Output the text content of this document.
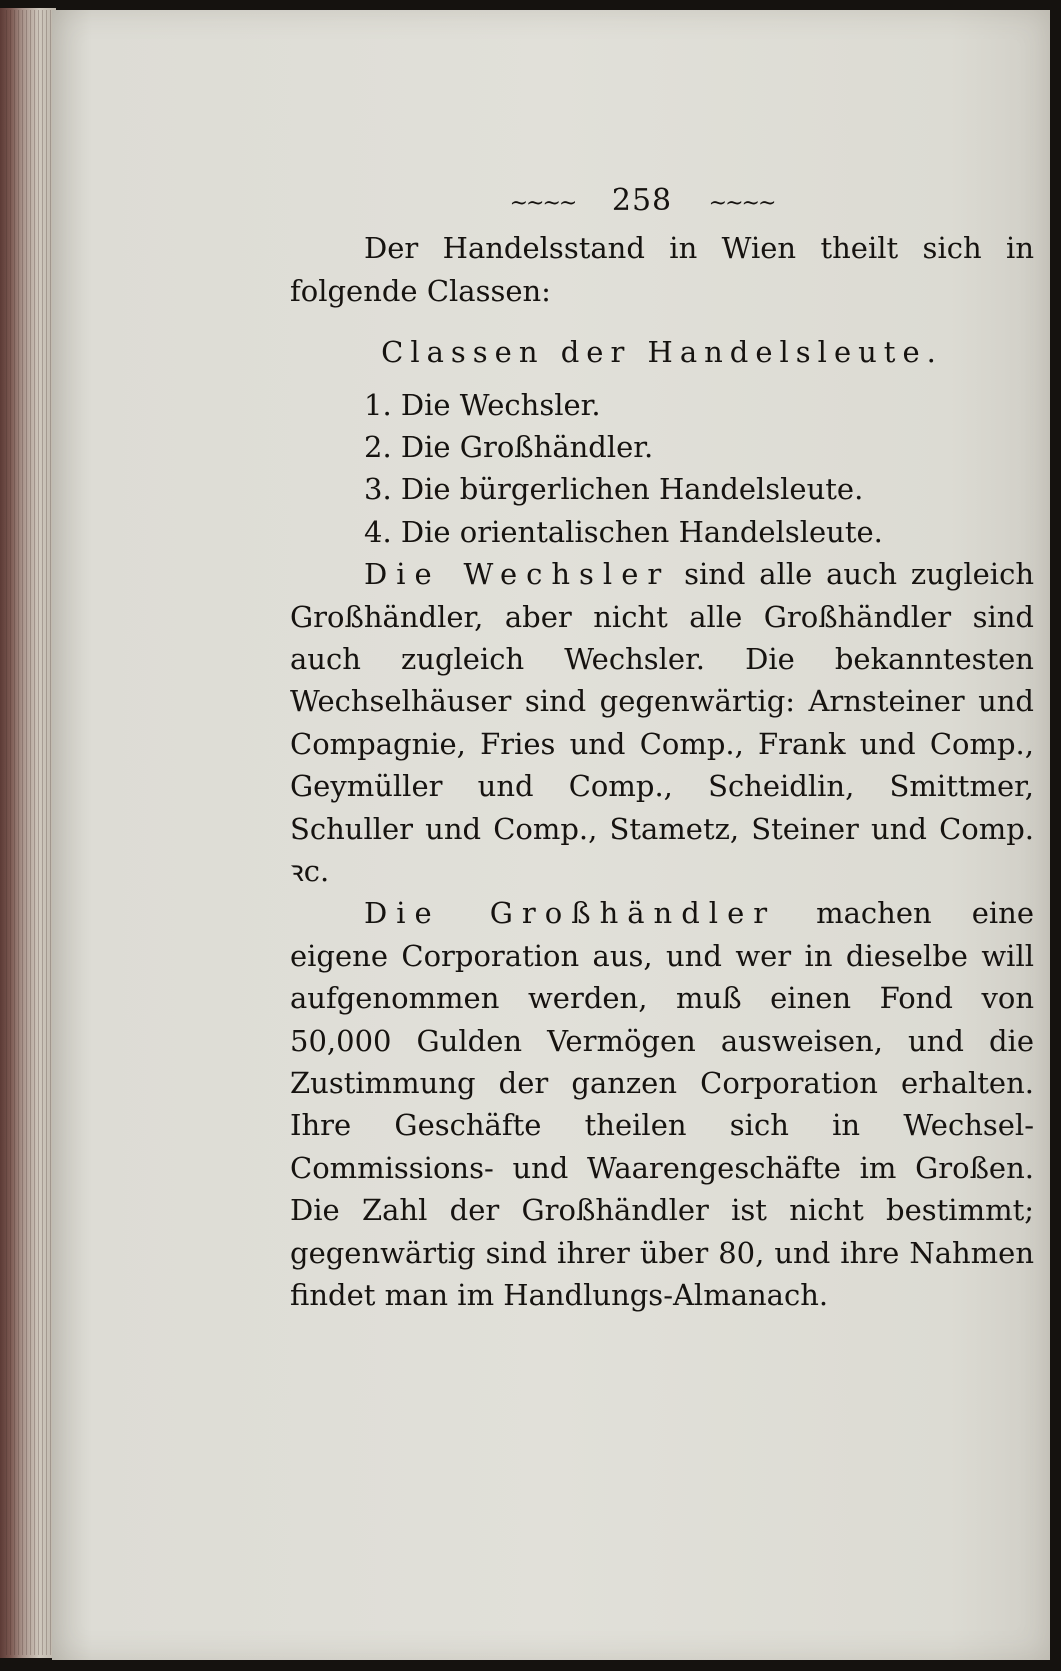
~~~~ 258 ~~~~

Der Handelsstand in Wien theilt sich in folgende Classen:

Classen der Handelsleute.
1. Die Wechsler.
2. Die Großhändler.
3. Die bürgerlichen Handelsleute.
4. Die orientalischen Handelsleute.

Die Wechsler sind alle auch zugleich Großhändler, aber nicht alle Großhändler sind auch zugleich Wechsler. Die bekanntesten Wechselhäuser sind gegenwärtig: Arnsteiner und Compagnie, Fries und Comp., Frank und Comp., Geymüller und Comp., Scheidlin, Smittmer, Schuller und Comp., Stametz, Steiner und Comp. ꝛc.

Die Großhändler machen eine eigene Corporation aus, und wer in dieselbe will aufgenommen werden, muß einen Fond von 50,000 Gulden Vermögen ausweisen, und die Zustimmung der ganzen Corporation erhalten. Ihre Geschäfte theilen sich in Wechsel- Commissions- und Waarengeschäfte im Großen. Die Zahl der Großhändler ist nicht bestimmt; gegenwärtig sind ihrer über 80, und ihre Nahmen findet man im Handlungs-Almanach.
